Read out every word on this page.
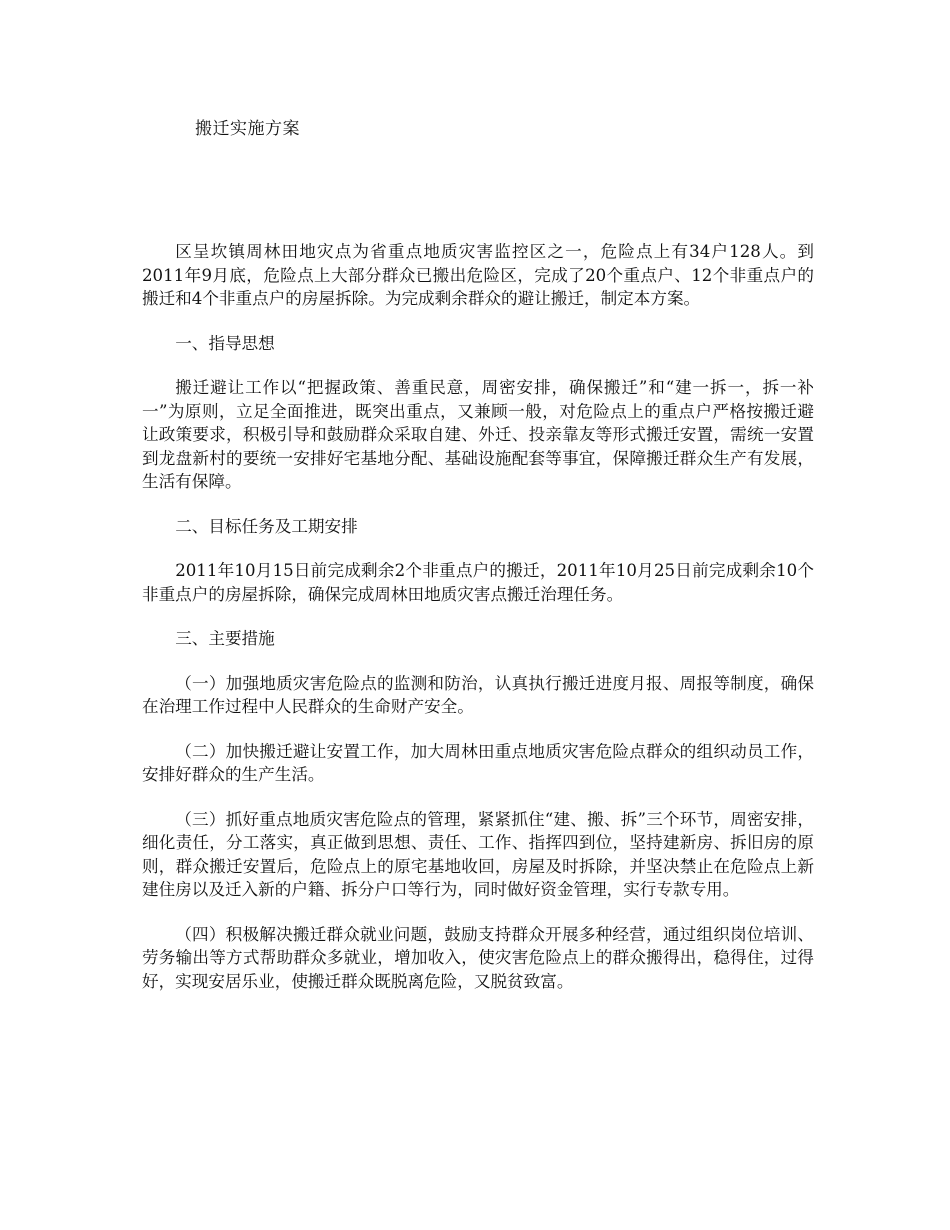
搬迁实施方案

区呈坎镇周林田地灾点为省重点地质灾害监控区之一，危险点上有34户128人。到2011年9月底，危险点上大部分群众已搬出危险区，完成了20个重点户、12个非重点户的搬迁和4个非重点户的房屋拆除。为完成剩余群众的避让搬迁，制定本方案。

一、指导思想

搬迁避让工作以“把握政策、善重民意，周密安排，确保搬迁”和“建一拆一，拆一补一”为原则，立足全面推进，既突出重点，又兼顾一般，对危险点上的重点户严格按搬迁避让政策要求，积极引导和鼓励群众采取自建、外迁、投亲靠友等形式搬迁安置，需统一安置到龙盘新村的要统一安排好宅基地分配、基础设施配套等事宜，保障搬迁群众生产有发展，生活有保障。

二、目标任务及工期安排

2011年10月15日前完成剩余2个非重点户的搬迁，2011年10月25日前完成剩余10个非重点户的房屋拆除，确保完成周林田地质灾害点搬迁治理任务。

三、主要措施

（一）加强地质灾害危险点的监测和防治，认真执行搬迁进度月报、周报等制度，确保在治理工作过程中人民群众的生命财产安全。

（二）加快搬迁避让安置工作，加大周林田重点地质灾害危险点群众的组织动员工作，安排好群众的生产生活。

（三）抓好重点地质灾害危险点的管理，紧紧抓住“建、搬、拆”三个环节，周密安排，细化责任，分工落实，真正做到思想、责任、工作、指挥四到位，坚持建新房、拆旧房的原则，群众搬迁安置后，危险点上的原宅基地收回，房屋及时拆除，并坚决禁止在危险点上新建住房以及迁入新的户籍、拆分户口等行为，同时做好资金管理，实行专款专用。

（四）积极解决搬迁群众就业问题，鼓励支持群众开展多种经营，通过组织岗位培训、劳务输出等方式帮助群众多就业，增加收入，使灾害危险点上的群众搬得出，稳得住，过得好，实现安居乐业，使搬迁群众既脱离危险，又脱贫致富。
